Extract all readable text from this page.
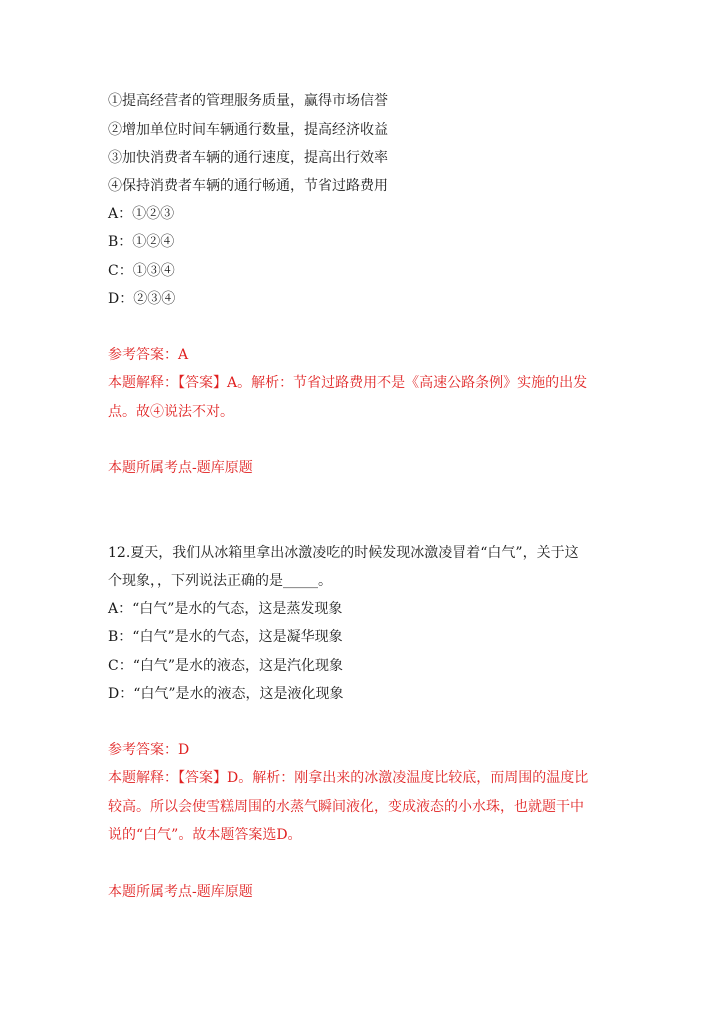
①提高经营者的管理服务质量，赢得市场信誉
②增加单位时间车辆通行数量，提高经济收益
③加快消费者车辆的通行速度，提高出行效率
④保持消费者车辆的通行畅通，节省过路费用
A：①②③
B：①②④
C：①③④
D：②③④
参考答案：A
本题解释：【答案】A。解析：节省过路费用不是《高速公路条例》实施的出发
点。故④说法不对。
本题所属考点-题库原题
12.夏天，我们从冰箱里拿出冰激凌吃的时候发现冰激凌冒着“白气”，关于这
个现象，，下列说法正确的是_____。
A：“白气”是水的气态，这是蒸发现象
B：“白气”是水的气态，这是凝华现象
C：“白气”是水的液态，这是汽化现象
D：“白气”是水的液态，这是液化现象
参考答案：D
本题解释：【答案】D。解析：刚拿出来的冰激凌温度比较底，而周围的温度比
较高。所以会使雪糕周围的水蒸气瞬间液化，变成液态的小水珠，也就题干中
说的“白气”。故本题答案选D。
本题所属考点-题库原题
